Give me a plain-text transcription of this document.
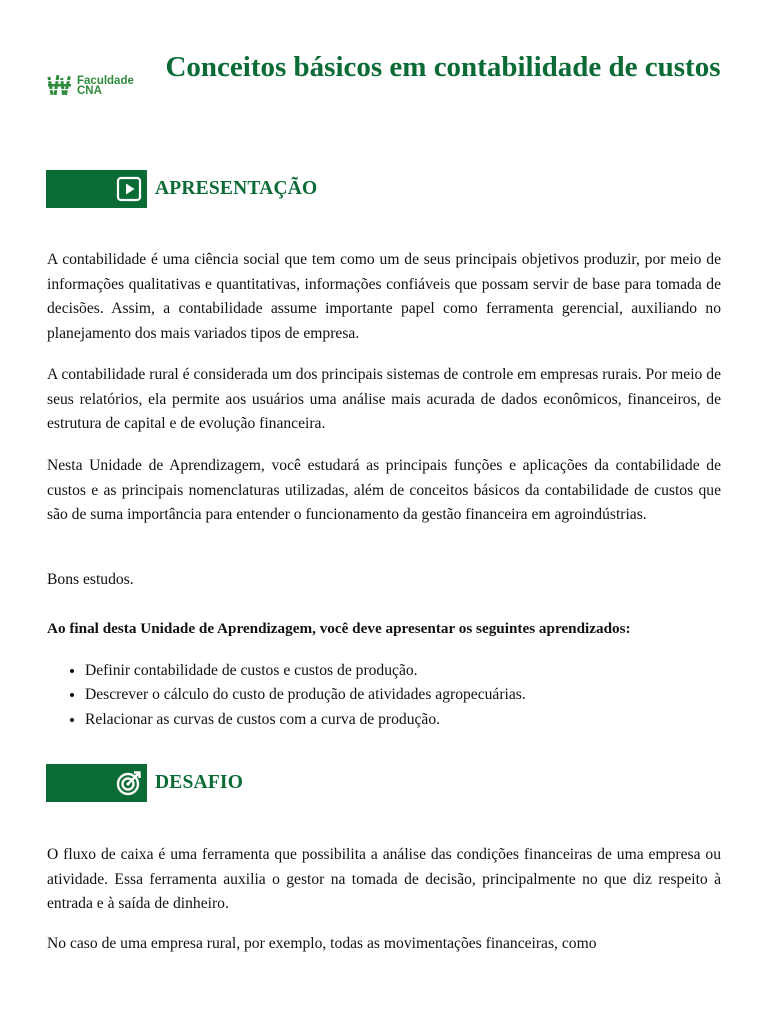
Faculdade
CNA
Conceitos básicos em contabilidade de custos
APRESENTAÇÃO

A contabilidade é uma ciência social que tem como um de seus principais objetivos produzir, por meio de informações qualitativas e quantitativas, informações confiáveis que possam servir de base para tomada de decisões. Assim, a contabilidade assume importante papel como ferramenta gerencial, auxiliando no planejamento dos mais variados tipos de empresa.

A contabilidade rural é considerada um dos principais sistemas de controle em empresas rurais. Por meio de seus relatórios, ela permite aos usuários uma análise mais acurada de dados econômicos, financeiros, de estrutura de capital e de evolução financeira.

Nesta Unidade de Aprendizagem, você estudará as principais funções e aplicações da contabilidade de custos e as principais nomenclaturas utilizadas, além de conceitos básicos da contabilidade de custos que são de suma importância para entender o funcionamento da gestão financeira em agroindústrias.

Bons estudos.

Ao final desta Unidade de Aprendizagem, você deve apresentar os seguintes aprendizados:

• Definir contabilidade de custos e custos de produção.
• Descrever o cálculo do custo de produção de atividades agropecuárias.
• Relacionar as curvas de custos com a curva de produção.
DESAFIO

O fluxo de caixa é uma ferramenta que possibilita a análise das condições financeiras de uma empresa ou atividade. Essa ferramenta auxilia o gestor na tomada de decisão, principalmente no que diz respeito à entrada e à saída de dinheiro.

No caso de uma empresa rural, por exemplo, todas as movimentações financeiras, como
